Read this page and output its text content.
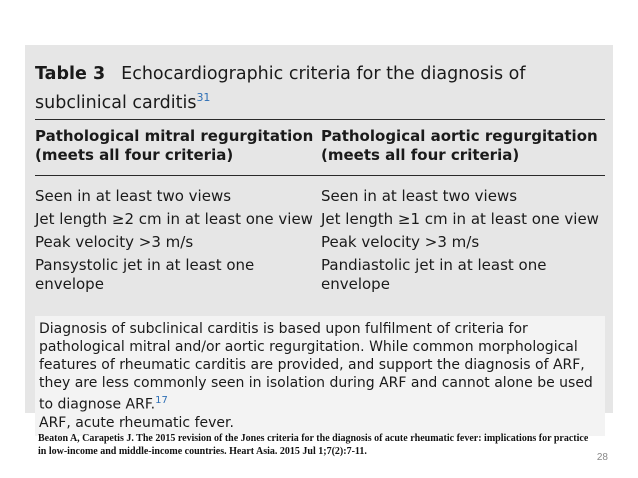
Table 3 Echocardiographic criteria for the diagnosis of subclinical carditis$^{31}$
Pathological mitral regurgitation
(meets all four criteria)
Pathological aortic regurgitation
(meets all four criteria)
Seen in at least two views
Jet length ≥2 cm in at least one view
Peak velocity >3 m/s
Pansystolic jet in at least one envelope
Seen in at least two views
Jet length ≥1 cm in at least one view
Peak velocity >3 m/s
Pandiastolic jet in at least one envelope
Diagnosis of subclinical carditis is based upon fulfilment of criteria for pathological mitral and/or aortic regurgitation. While common morphological features of rheumatic carditis are provided, and support the diagnosis of ARF, they are less commonly seen in isolation during ARF and cannot alone be used to diagnose ARF.$^{17}$
ARF, acute rheumatic fever.
Beaton A, Carapetis J. The 2015 revision of the Jones criteria for the diagnosis of acute rheumatic fever: implications for practice in low-income and middle-income countries. Heart Asia. 2015 Jul 1;7(2):7-11.
28
